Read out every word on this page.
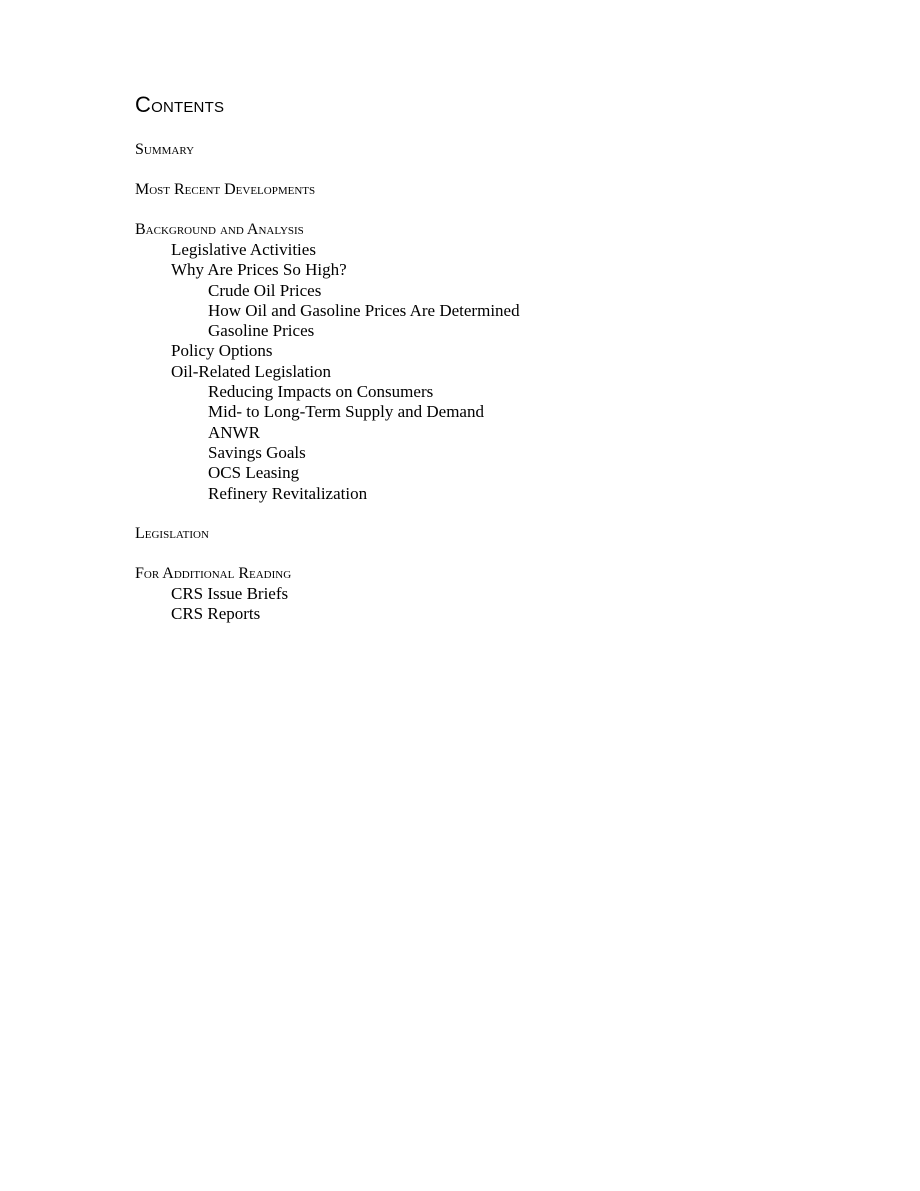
Contents
Summary
Most Recent Developments
Background and Analysis
Legislative Activities
Why Are Prices So High?
Crude Oil Prices
How Oil and Gasoline Prices Are Determined
Gasoline Prices
Policy Options
Oil-Related Legislation
Reducing Impacts on Consumers
Mid- to Long-Term Supply and Demand
ANWR
Savings Goals
OCS Leasing
Refinery Revitalization
Legislation
For Additional Reading
CRS Issue Briefs
CRS Reports
